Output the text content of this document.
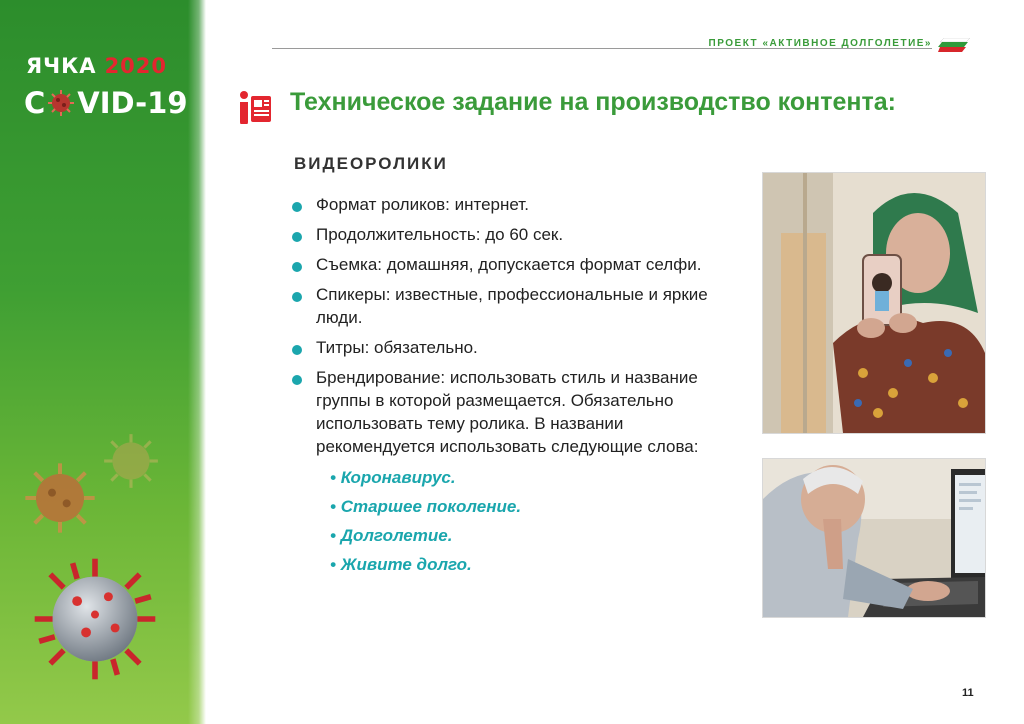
ЯЧКА 2020
C VID-19
ПРОЕКТ «АКТИВНОЕ ДОЛГОЛЕТИЕ»
Техническое задание на производство контента:
ВИДЕОРОЛИКИ
Формат роликов: интернет.
Продолжительность: до 60 сек.
Съемка: домашняя, допускается формат селфи.
Спикеры: известные, профессиональные и яркие люди.
Титры: обязательно.
Брендирование: использовать стиль и название группы в которой размещается. Обязательно использовать тему ролика. В названии рекомендуется использовать следующие слова:
• Коронавирус.
• Старшее поколение.
• Долголетие.
• Живите долго.
11
